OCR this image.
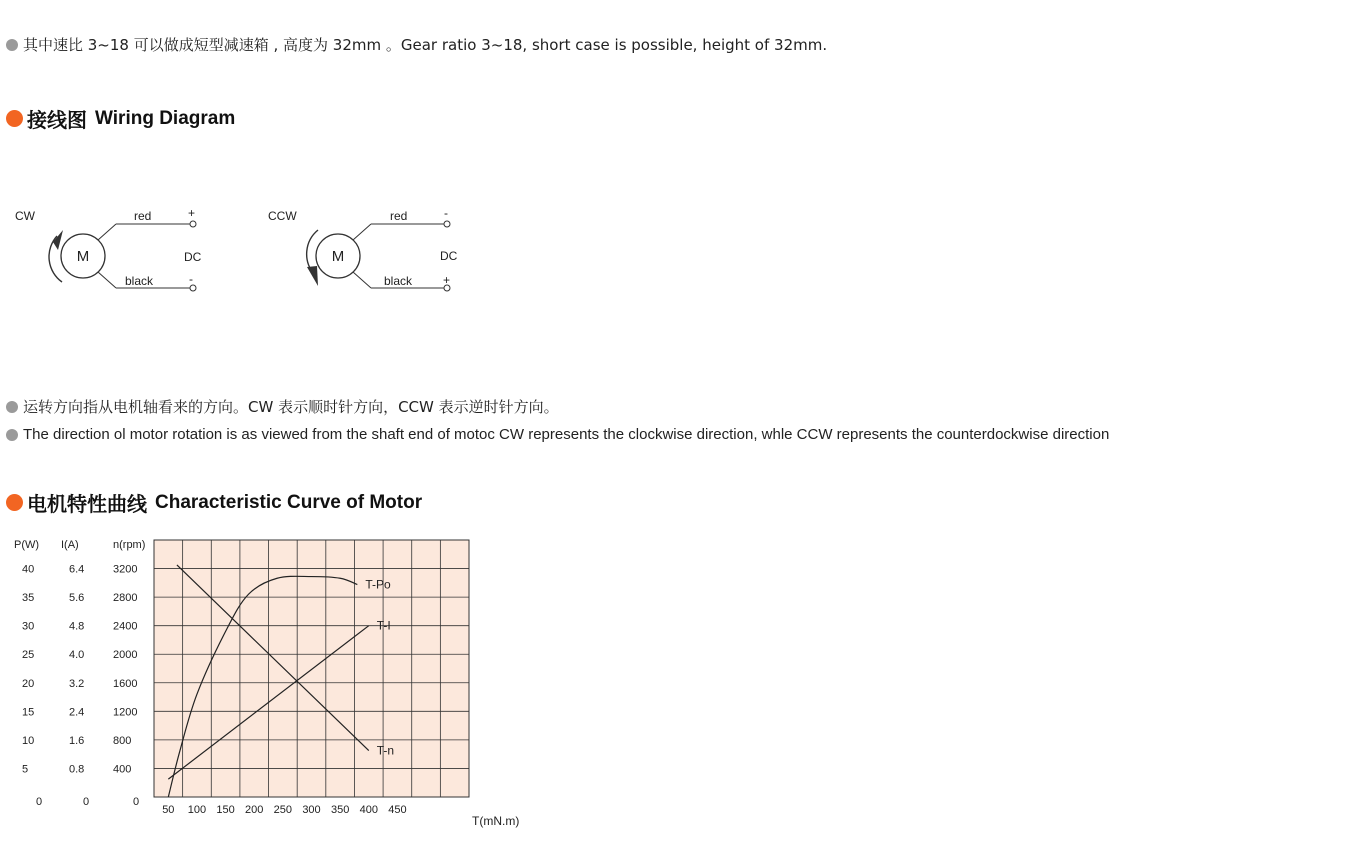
其中速比 3~18 可以做成短型减速箱 , 高度为 32mm 。Gear ratio 3~18, short case is possible, height of 32mm.
接线图 Wiring Diagram
CW
M
red
black
+
-
DC
CCW
M
red
black
-
+
DC
运转方向指从电机轴看来的方向。CW 表示顺时针方向，CCW 表示逆时针方向。
The direction ol motor rotation is as viewed from the shaft end of motoc CW represents the clockwise direction, whle CCW represents the counterdockwise direction
电机特性曲线 Characteristic Curve of Motor
P(W)
5
10
15
20
25
30
35
40
0
I(A)
0.8
1.6
2.4
3.2
4.0
4.8
5.6
6.4
0
n(rpm)
400
800
1200
1600
2000
2400
2800
3200
0
50 100 150 200 250 300 350 400 450
T-Po
T-I
T-n
T(mN.m)
